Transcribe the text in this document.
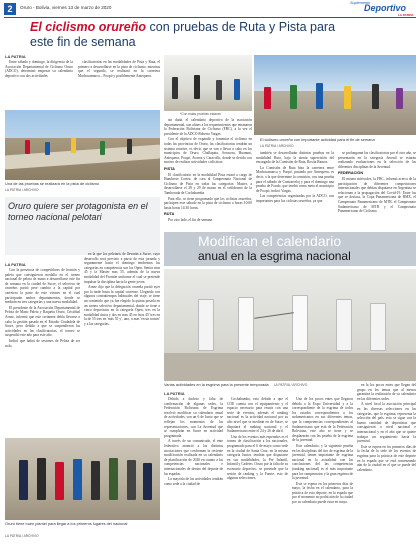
2	Oruro - Bolivia, viernes 13 de marzo de 2020
Suplemento
Deportivo
LA PATRIA
El ciclismo orureño con pruebas de Ruta y Pista para este fin de semana
LA PATRIA

Entre sábado y domingo, la dirigencia de la Asociación Departamental de Ciclismo Oruro (ADCO), determinó empezar su calendario deportivo con dos actividades

clasificatorias en las modalidades de Pista y Ruta, el primero a desarrollarse en la pista de ciclismo, mientras que el segundo, se realizará en la carretera Machacamarca – Poopó y posiblemente Antequera.

Una de las pruebas se realizará en la pista de ciclismo
LA PATRIA / ARCHIVO
El ciclismo orureño con importante actividad para el fin de semana
LA PATRIA / ARCHIVO
*Con estas pruebas estaran

sin duda, el calendario deportivo de la asociación departamental, son afines a los requerimientos que emanaron la Federación Boliviana de Ciclismo (FBC), a la vez el presidente de la ADCO Roberto Vargas.

Con el objetivo de expandir y fomentar el ciclismo en todas las provincias de Oruro, las clasificatorias tendrán un sistema rotativo, es decir, que se van a llevar a cabo en los municipios de Oruro, Challapata, Sorasora, Huanuni, Antequera, Poopó, Avaroa y Caracollo, donde se decida con motivo de realizar actividades ciclísticas.

PISTA

El clasificatorio en la modalidad Pista estará a cargo de Humberto Cortez, de cara al Campeonato Nacional de Ciclismo de Pista en todas las categorías: Master, a desarrollarse el 28 y 29 de marzo en el velódromo de la Tamborada de Cochabamba.

Para ello, se tiene programado que los ciclistas orureños, participen este sábado en la pista de ciclismo a horas 10:00 hasta horas 14:30 horas.

RUTA

Por otro lado, el fin de semana

también se desarrollarán distintas pruebas en la modalidad Ruta, bajo la atenta supervisión del encargado de la Comisión de Ruta, Rosita Ramos.

La Comisión de Ruta hizo la carretera entre Machacamarca y Poopó, pasando por Antequera, es decir, a la que determine la comisión, con una prueba para el sábado de Contrarreloj y para el domingo una prueba de Fondo, que tendrá como meta el municipio de Poopó, indicó Vargas.

Las competencias organizadas por la ADCO, son importantes para los ciclistas orureños, ya que

se prolongaran las clasificatorias por el otro año, se presentarán en la categoría Juvenil se estarán realizando evaluaciones en la selección de las diferentes disciplinas de la Juventud.

FEDERACIÓN

El mismo miércoles, la FBC, informó acerca de la participación de diferentes competiciones internacionales que debían disputarse en Argentina se relacionan a la propagación del Covid-19. Entre las que se destaca, la Copa Panamericana de BMX, el Campeonato Panamericano de MTB, el Campeonato Sudamericano de MTB y el Campeonato Panamericano de Ciclismo.

Oruro quiere ser protagonista en el torneo nacional pelotari
LA PATRIA

Con la presencia de competidores de frontón y paleta que consiguieron medalla en el torneo nacional de pelota de mano a desarrollarse este fin de semana en la ciudad de Sucre, el selectivo de orureños partió pese cambio a la capital por carretera la parte de este viernes en el cual participarán ambos departamentos, donde se medirán en tres categorías y una nueva modalidad.

El presidente de la Asociación Departamental de Pelota de Mano Paleta y Raqueta Oruro, Cristóbal Arnez, informó que este certamen debía llevarse a cabo la gestión pasada en el Estadio Ciudadela de Sucre, pero debido a que se suspendieron las actividades en las clasificatorias, el torneo se suspendió este año para este año.

Indicó que habrá de sesiones de Pelota de ser nolo,

en la que los pelotaris de llevarán a Sucre, cuyo desarrollo será previsto a partir de esta jornada y seguramente hasta el domingo tendremos las categorías en competencia son las Open, Senior mas 45 y la Master mas 55, además de la nueva modalidad del Frontón uniforme el cual se pretende impulsar la disciplina hacia la gente joven.

Arnez dijo que la delegación orureña partió ayer por la tarde hasta la capital sucrense. Llegando con algunos contratiempos habituales del viaje, se tiene un contenido que ya fue elegido la quinta posada en un torneo selectivo departamental, donde se tiene a cinco deportistas en la categoría Open, tres en la modalidad única y dos en mas 45 en 'mas 45' tres en la de 55 tres en 'más 55 y', uno, a mas 'en un torneo' y a las categorías.

Oruro tiene buen plantel para llegar a los primeros lugares del nacional
LA PATRIA / ARCHIVO
Modifican el calendario
anual en la esgrima nacional
Varias actividades en la esgrima para la presente temporada LA PATRIA / ARCHIVO
LA PATRIA

Debido a dudoso y falta de confirmación de algunas sedes, la Federación Boliviana de Esgrima resolvió modificar su calendario anual de actividades, son un 6 de Junio que se reflejan los momentos de las representaciones, con La Juventud que se cumplirán en Sucre en actividad programada.

A través de un comunicado, el ente federativo anunció a las distintas asociaciones que conforman la reciente modificación realizada en su calendario de planificación de 2020 en cuanto a las competencias nacionales e internacionales de dentro del deporte de las espadas.

La mayoría de las actividades tendrán como sede a la ciudad de

Cochabamba, esto debido a que el COE cuenta con el equipamiento y el espacio necesario para reunir con una serie de eventos, además el ranking nacional es la actividad nacional por su alto nivel que se medirán en de Sucre, se disputará el ranking nacional y el Sudamericano entre el 24 y 26 de abril.

Uno de los eventos más esperados es el torneo de clasificación a los nacionales, programado para el 6 de mayo como sede en la ciudad de Santa Cruz, en la misma categoría Junior, tendrán que disputarse en sus modalidades, la Pre Infantil, Infantil y Cadetes. Oruro por la falta de su escenario deportivo, se pretende que la sesión de ranking y la Fuerte, esto de algunas selecciones,

Uno de los pocos entes que llegaron debido a la Expo Universidad y a la correspondiente de la esgrima de todos los estados correspondientes a los sudamericanos en sus diferentes temas, que la competencias correspondientes al Sudamericano que está de la Federación Boliviana, este año se tiene y se desplazarán con las prueba de la esgrima de la juventud.

Este calendario, y la siguiente prueba en las disciplinas del tiro de esgrima de la juventud, tienen importante de esgrima nacional en la actualidad con las conclusiones del las competencias (ranking nacional) es el más importante para los campeonatos y la gran esgrima de la juventud.

Este se espera en los primeros días de mayo, la fecha en el calendario, para la práctica de esta deporte, en la espada que por el momento no podrá aún de la ciudad por su calendario puede estar en mayo.

en la los pocos entes que llegan del grupo en los temas que al menos garantiza la realización de su calendario en las diferentes sedes.

A nivel local la asociación principal en las diversas selecciones en las categorías, que la esgrima, representa la selección del país, esto se sigue con la buena cantidad de deportistas que consiguieron a nivel nacional e internacional y en el año que se quiere trabajar un seguimiento hacia la juventud.

Este se espera en los primeros días de la fecha de la sede de los eventos de esgrima para la práctica de este deporte en la espada que se está comenzando aún de la ciudad en el que se puede del calendario.
